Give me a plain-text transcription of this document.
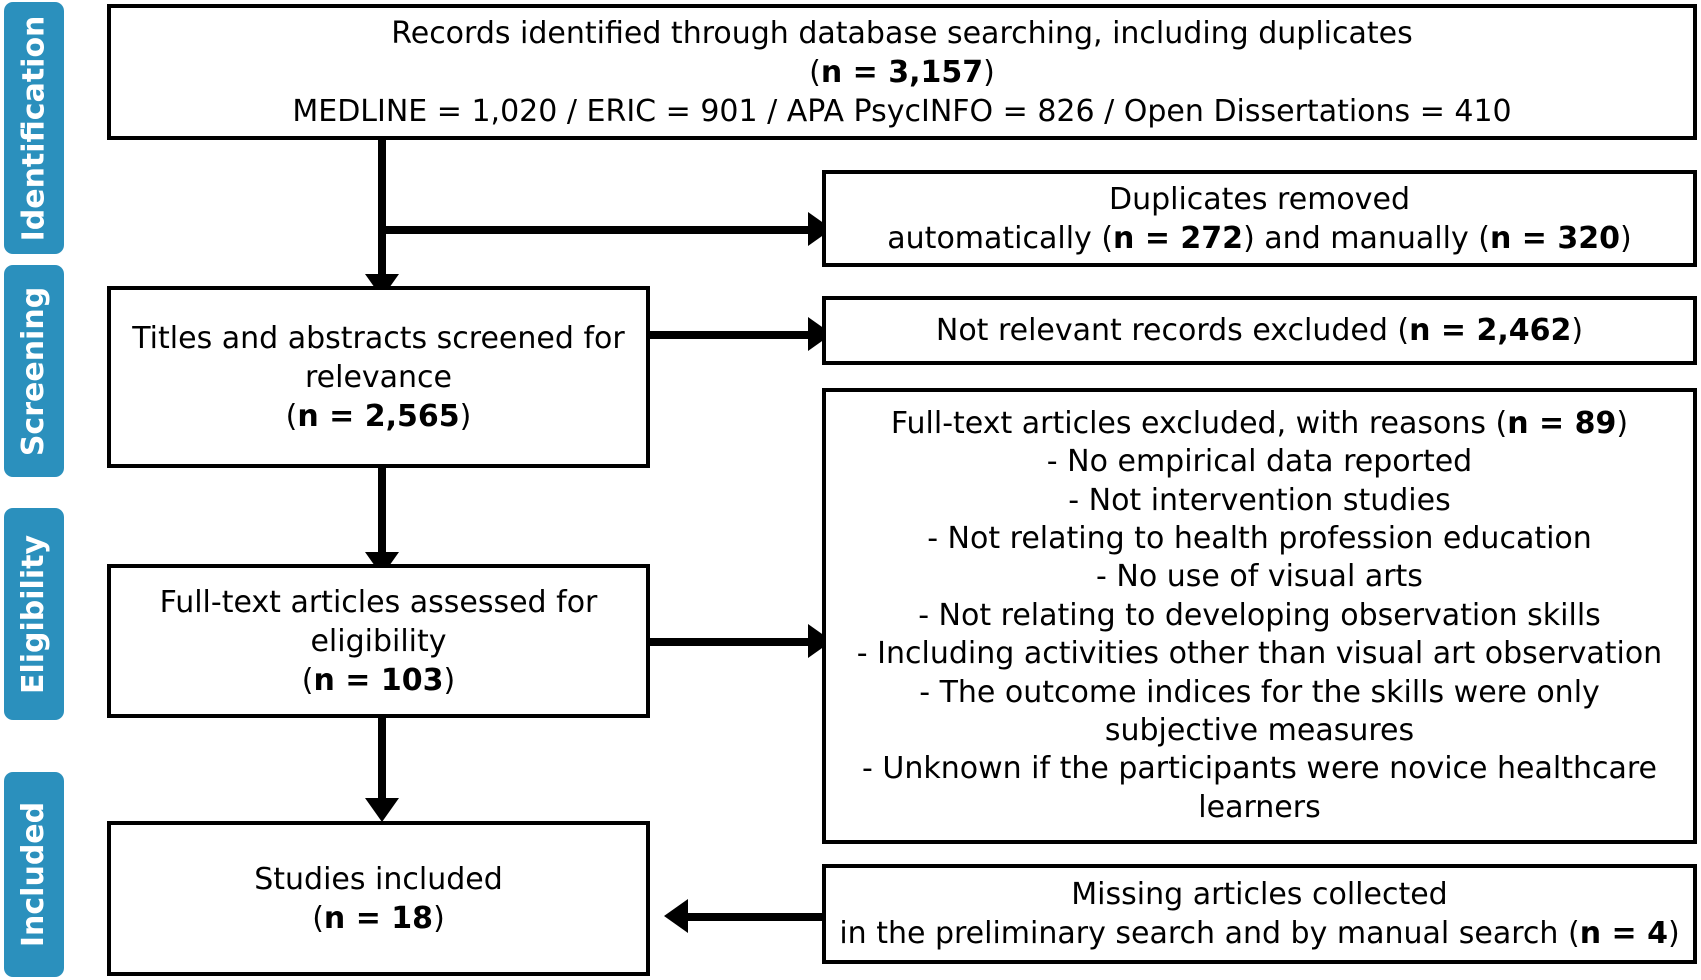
Identification
Screening
Eligibility
Included
Records identified through database searching, including duplicates
(n = 3,157)
MEDLINE = 1,020 / ERIC = 901 / APA PsycINFO = 826 / Open Dissertations = 410
Duplicates removed
automatically (n = 272) and manually (n = 320)
Titles and abstracts screened for
relevance
(n = 2,565)
Not relevant records excluded (n = 2,462)
Full-text articles assessed for
eligibility
(n = 103)
Full-text articles excluded, with reasons (n = 89)
- No empirical data reported
- Not intervention studies
- Not relating to health profession education
- No use of visual arts
- Not relating to developing observation skills
- Including activities other than visual art observation
- The outcome indices for the skills were only
subjective measures
- Unknown if the participants were novice healthcare
learners
Studies included
(n = 18)
Missing articles collected
in the preliminary search and by manual search (n = 4)
